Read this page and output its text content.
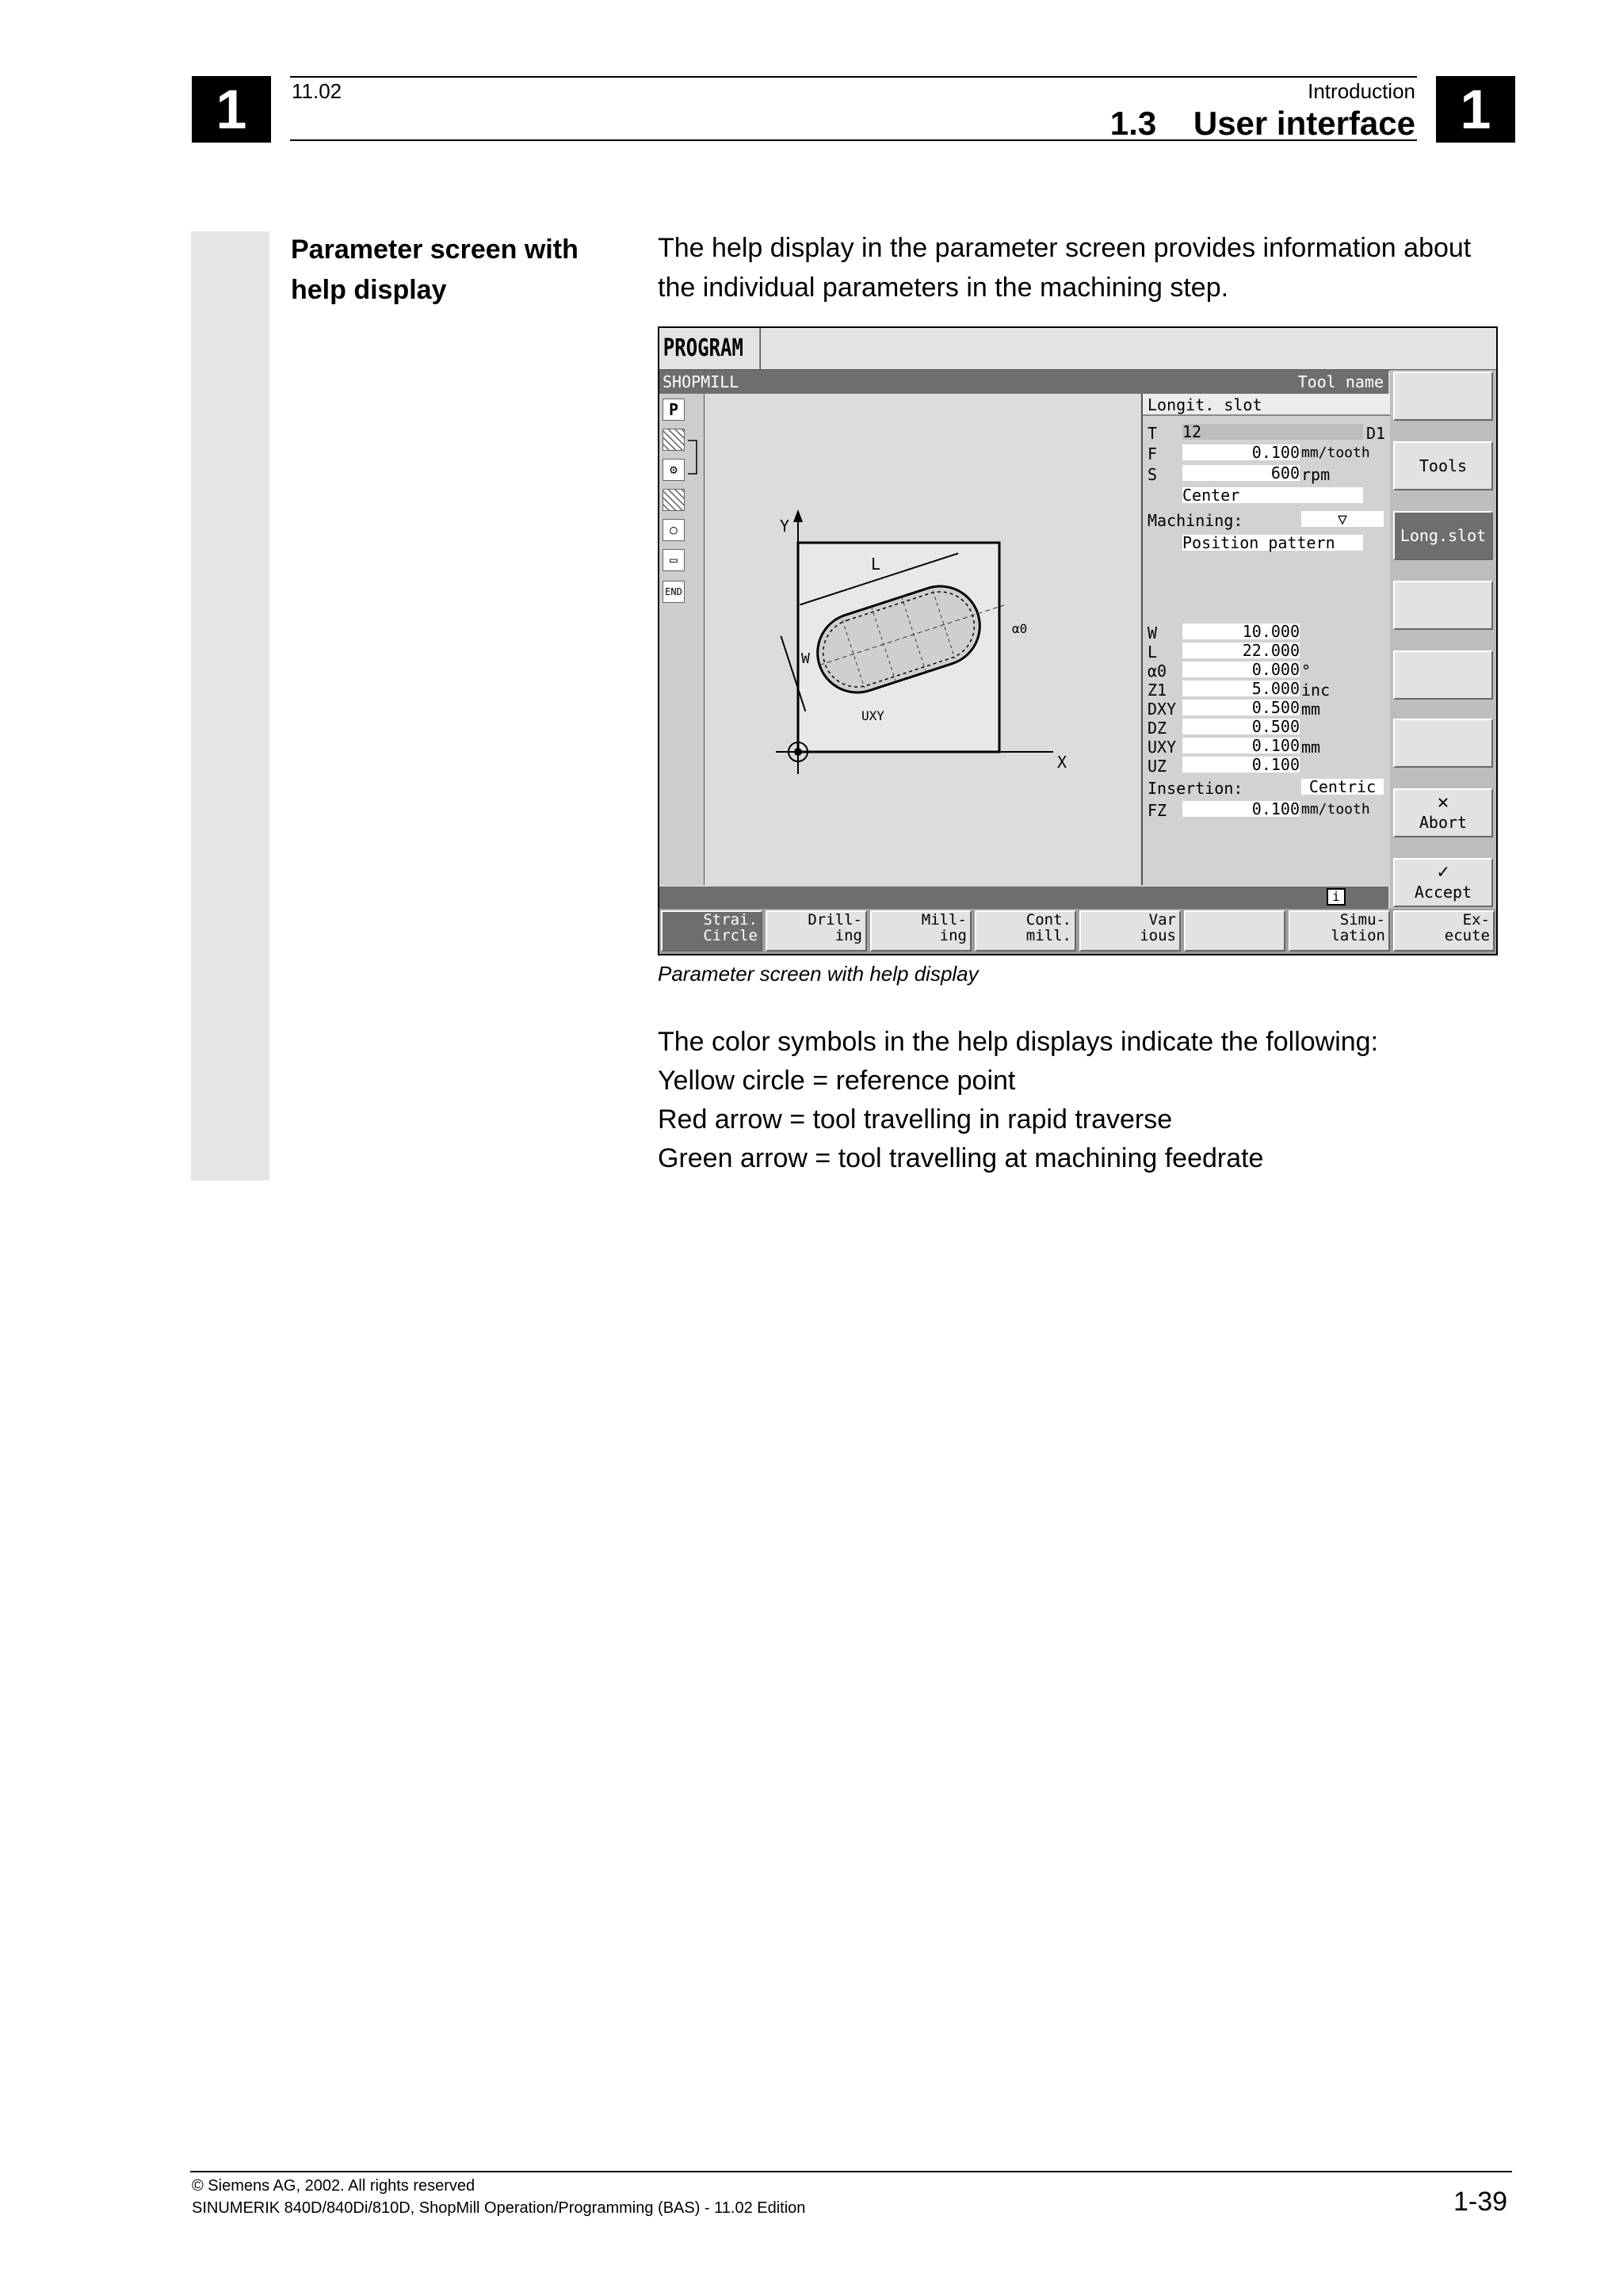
1	1
11.02	Introduction
1.3    User interface
Parameter screen with help display
The help display in the parameter screen provides information about
the individual parameters in the machining step.
PROGRAM
SHOPMILL	Tool name
P
⚙
○
▭
END
Y
X
L
W
α0
UXY
Longit. slot
T 12	D1
F	0.100 mm/tooth
S	600 rpm
Center
Machining:	▽
Position pattern
W	10.000
L	22.000
α0	0.000 °
Z1	5.000 inc
DXY	0.500 mm
DZ	0.500
UXY	0.100 mm
UZ	0.100
Insertion:	Centric
FZ	0.100 mm/tooth
Tools
Long.slot
✕
Abort
✓
Accept
i
Strai.
Circle
Drill-
ing
Mill-
ing
Cont.
mill.
Var
ious
Simu-
lation
Ex-
ecute
Parameter screen with help display
The color symbols in the help displays indicate the following:
Yellow circle = reference point
Red arrow = tool travelling in rapid traverse
Green arrow = tool travelling at machining feedrate
© Siemens AG, 2002. All rights reserved
SINUMERIK 840D/840Di/810D, ShopMill Operation/Programming (BAS) - 11.02 Edition	1-39
